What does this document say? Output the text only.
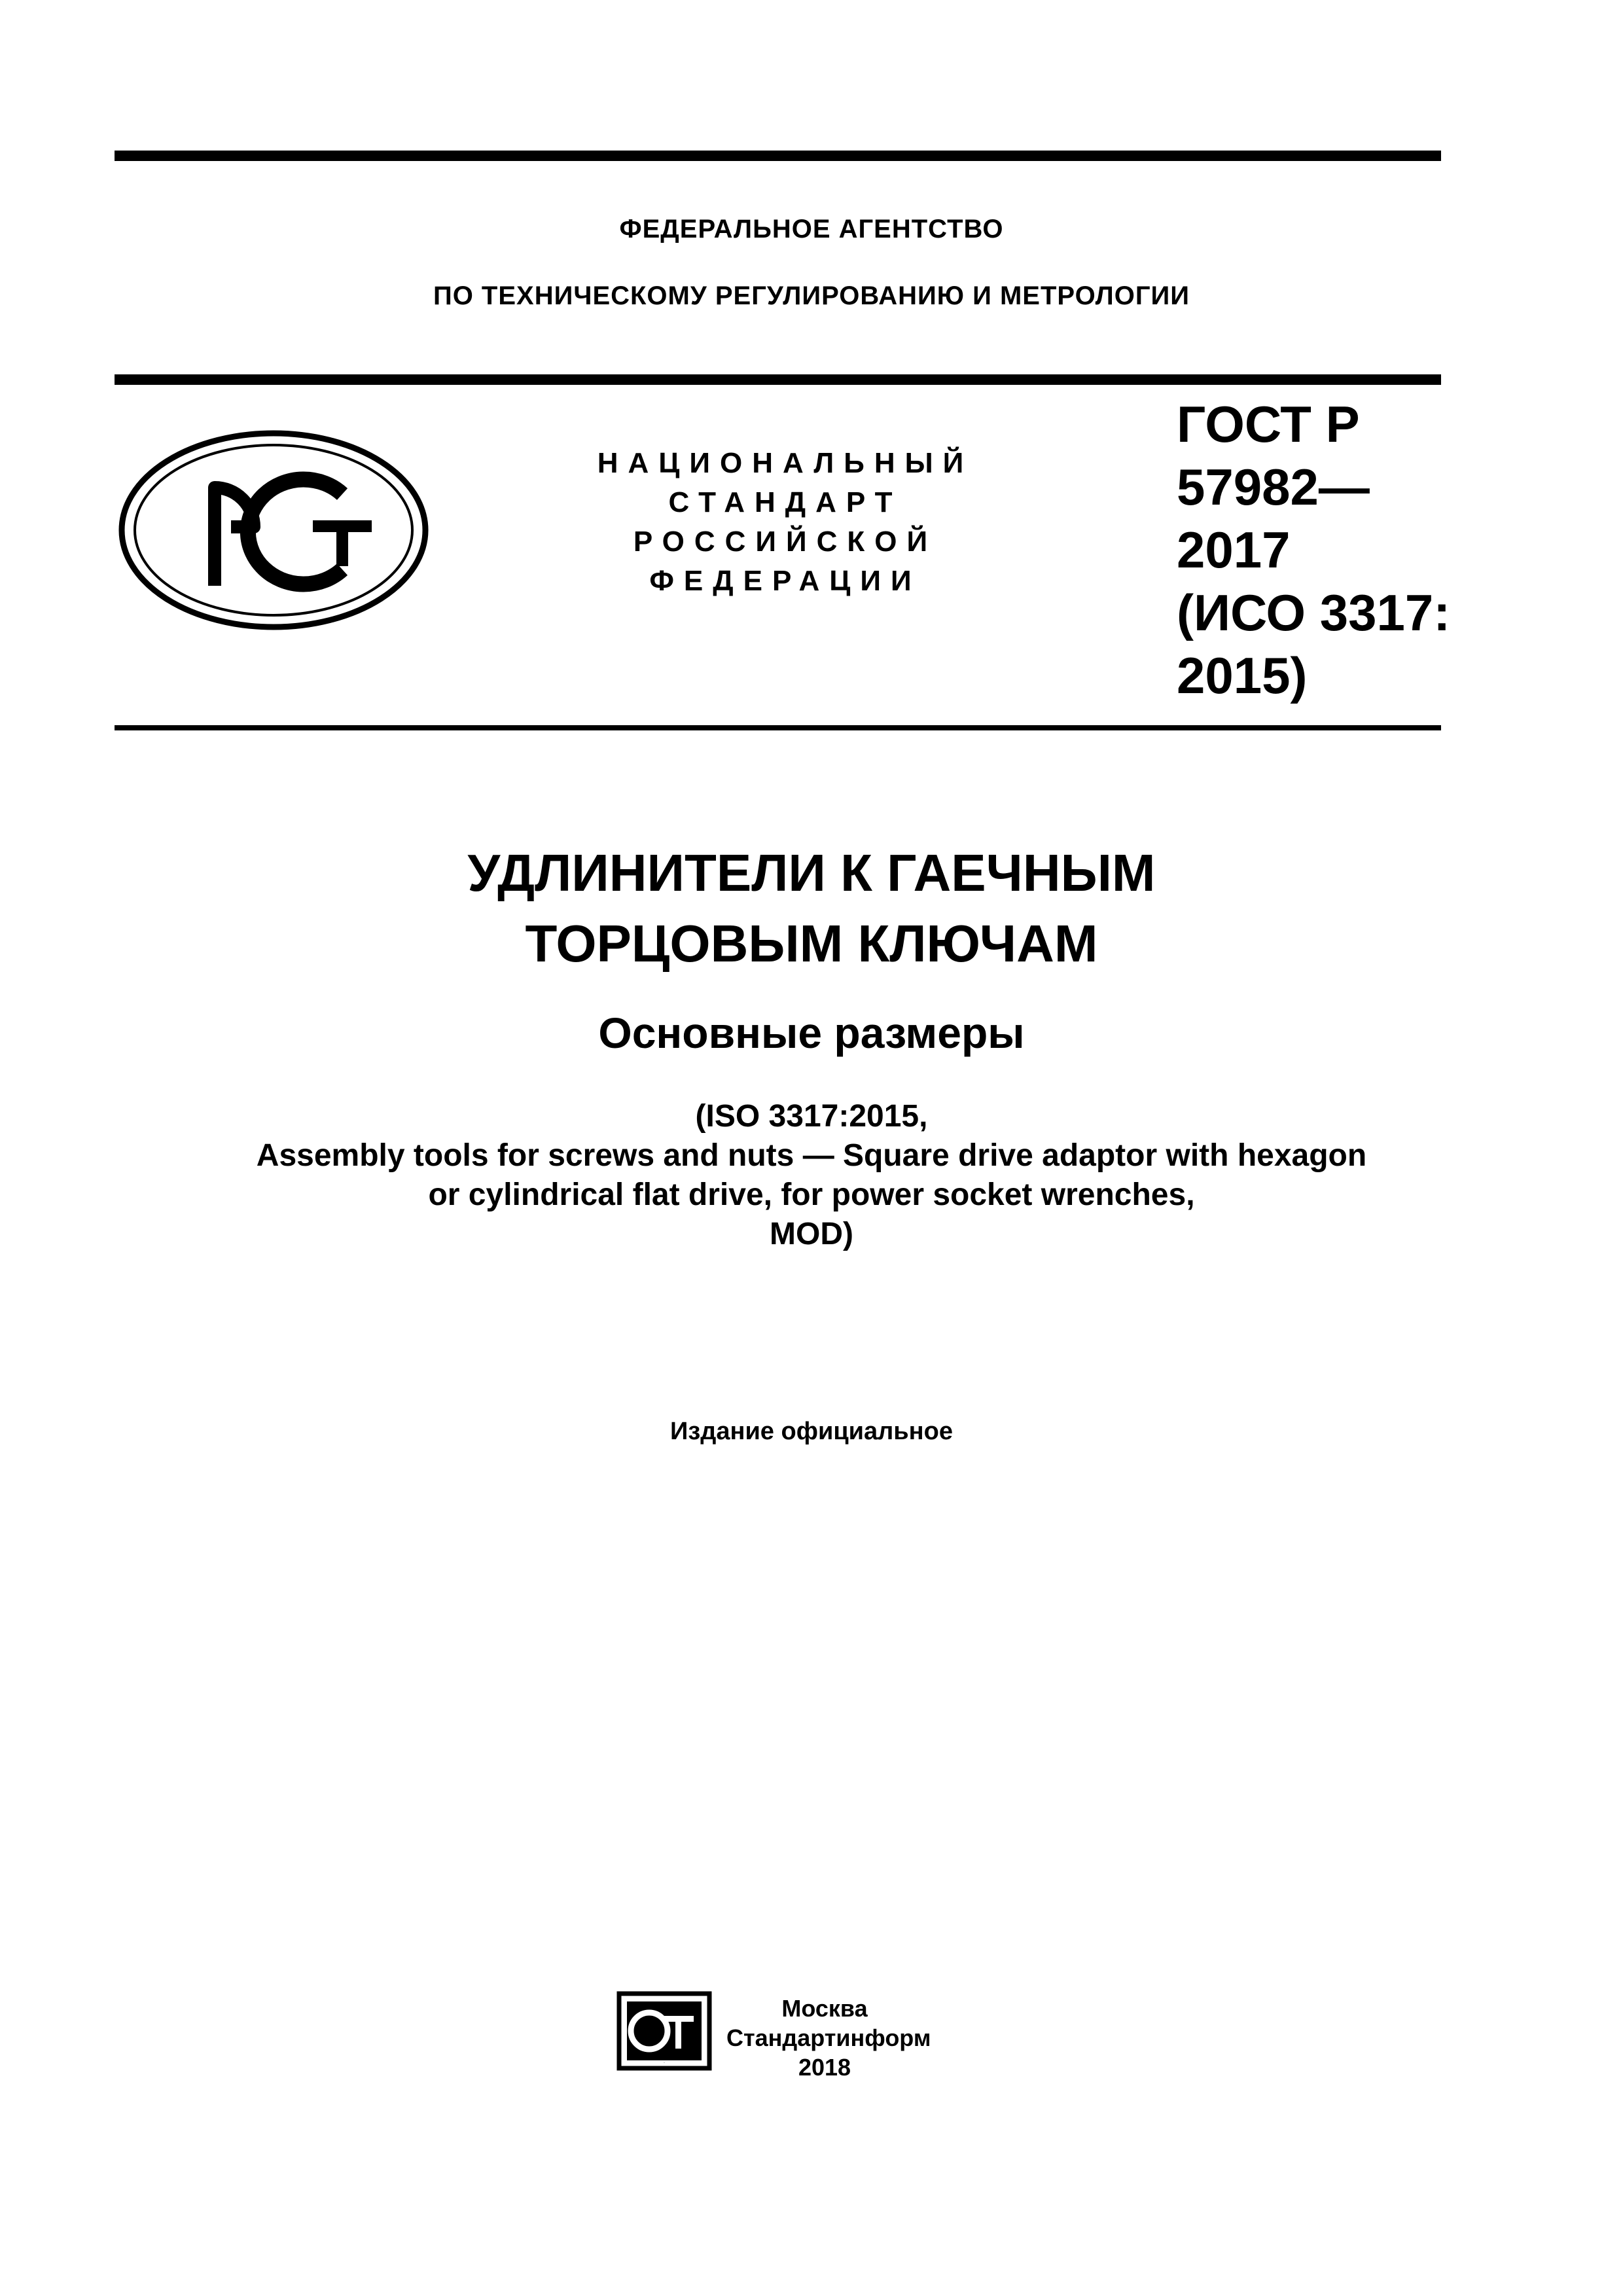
ФЕДЕРАЛЬНОЕ АГЕНТСТВО
ПО ТЕХНИЧЕСКОМУ РЕГУЛИРОВАНИЮ И МЕТРОЛОГИИ
НАЦИОНАЛЬНЫЙ
СТАНДАРТ
РОССИЙСКОЙ
ФЕДЕРАЦИИ
ГОСТ Р
57982—
2017
(ИСО 3317:
2015)
УДЛИНИТЕЛИ К ГАЕЧНЫМ
ТОРЦОВЫМ КЛЮЧАМ
Основные размеры
(ISO 3317:2015,
Assembly tools for screws and nuts — Square drive adaptor with hexagon
or cylindrical flat drive, for power socket wrenches,
MOD)
Издание официальное
СТИ
Москва
Стандартинформ
2018
